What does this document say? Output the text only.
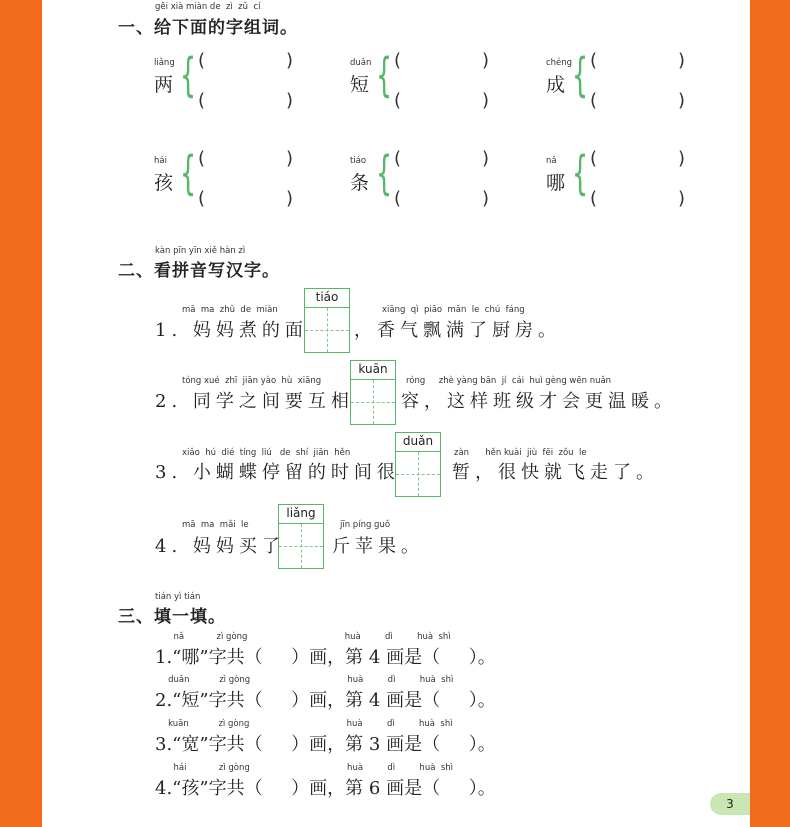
gěi xià miàn de  zì  zǔ  cí
一、给下面的字组词。
liǎng
两 { (	)
(	)
duǎn
短 { (	)
(	)
chéng
成 { (	)
(	)
hái
孩 { (	)
(	)
tiáo
条 { (	)
(	)
nǎ
哪 { (	)
(	)
kàn pīn yīn xiě hàn zì
二、看拼音写汉字。
mā  ma  zhǔ  de  miàn
1. 妈妈煮的面
tiáo
xiāng  qì  piāo  mǎn  le  chú  fáng
，香气飘满了厨房。
tóng xué  zhī  jiān yào  hù  xiāng
2. 同学之间要互相
kuān
róng     zhè yàng bān  jí  cái  huì gèng wēn nuǎn
容，这样班级才会更温暖。
xiǎo  hú  dié  tíng  liú   de  shí  jiān  hěn
3. 小蝴蝶停留的时间很
duǎn
zàn      hěn kuài  jiù  fēi  zǒu  le
暂，很快就飞走了。
mā  ma  mǎi  le
4. 妈妈买了
liǎng
jīn píng guǒ
斤苹果。
tián yì tián
三、填一填。
nǎ            zì gòng                                    huà         dì         huà  shì
1.“哪”字共（     ）画，第 4 画是（     ）。
duǎn           zì gòng                                    huà         dì         huà  shì
2.“短”字共（     ）画，第 4 画是（     ）。
kuān           zì gòng                                    huà         dì         huà  shì
3.“宽”字共（     ）画，第 3 画是（     ）。
hái            zì gòng                                    huà         dì         huà  shì
4.“孩”字共（     ）画，第 6 画是（     ）。
3
